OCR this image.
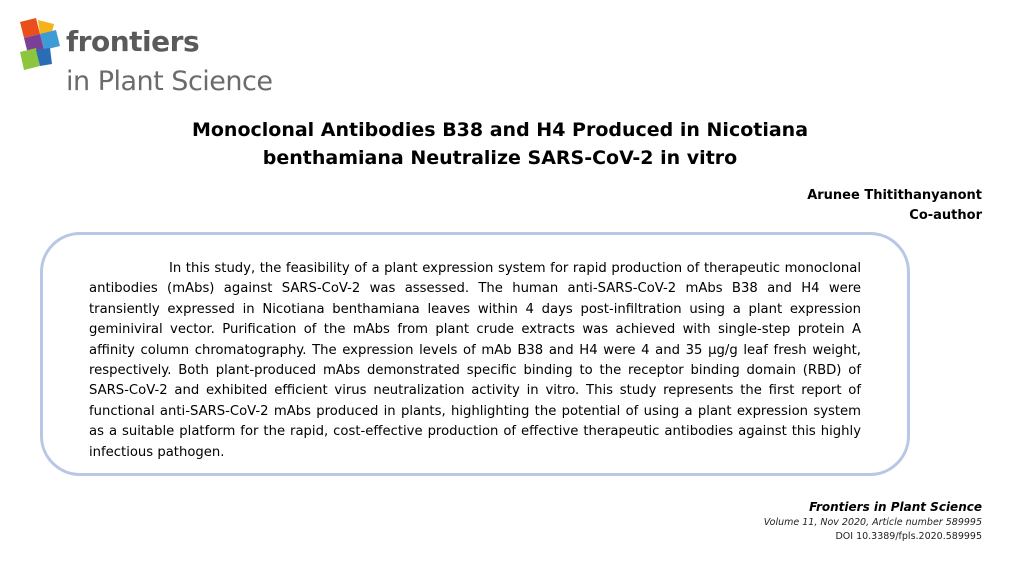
frontiers
in Plant Science
Monoclonal Antibodies B38 and H4 Produced in Nicotiana
benthamiana Neutralize SARS-CoV-2 in vitro
Arunee Thitithanyanont
Co-author

In this study, the feasibility of a plant expression system for rapid production of therapeutic monoclonal antibodies (mAbs) against SARS-CoV-2 was assessed. The human anti-SARS-CoV-2 mAbs B38 and H4 were transiently expressed in Nicotiana benthamiana leaves within 4 days post-infiltration using a plant expression geminiviral vector. Purification of the mAbs from plant crude extracts was achieved with single-step protein A affinity column chromatography. The expression levels of mAb B38 and H4 were 4 and 35 µg/g leaf fresh weight, respectively. Both plant-produced mAbs demonstrated specific binding to the receptor binding domain (RBD) of SARS-CoV-2 and exhibited efficient virus neutralization activity in vitro. This study represents the first report of functional anti-SARS-CoV-2 mAbs produced in plants, highlighting the potential of using a plant expression system as a suitable platform for the rapid, cost-effective production of effective therapeutic antibodies against this highly infectious pathogen.

Frontiers in Plant Science
Volume 11, Nov 2020, Article number 589995
DOI 10.3389/fpls.2020.589995
